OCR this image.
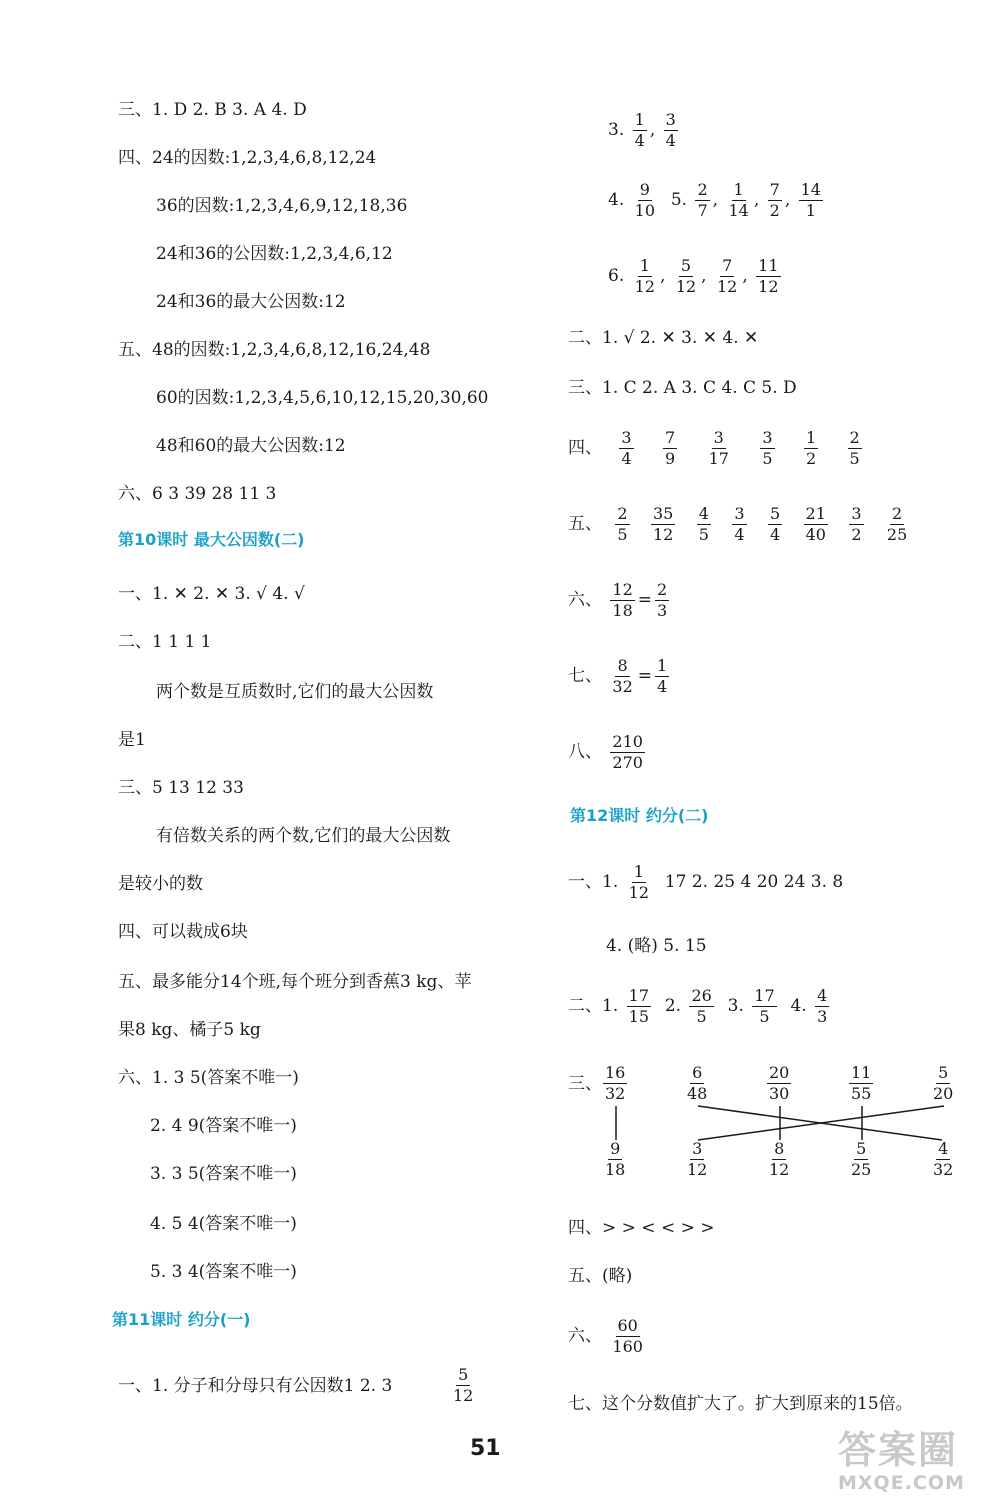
三、1. D 2. B 3. A 4. D
四、24的因数:1,2,3,4,6,8,12,24
36的因数:1,2,3,4,6,9,12,18,36
24和36的公因数:1,2,3,4,6,12
24和36的最大公因数:12
五、48的因数:1,2,3,4,6,8,12,16,24,48
60的因数:1,2,3,4,5,6,10,12,15,20,30,60
48和60的最大公因数:12
六、6 3 39 28 11 3
第10课时 最大公因数(二)
一、1. ✕ 2. ✕ 3. √ 4. √
二、1 1 1 1
两个数是互质数时,它们的最大公因数
是1
三、5 13 12 33
有倍数关系的两个数,它们的最大公因数
是较小的数
四、可以裁成6块
五、最多能分14个班,每个班分到香蕉3 kg、苹
果8 kg、橘子5 kg
六、1. 3 5(答案不唯一)
2. 4 9(答案不唯一)
3. 3 5(答案不唯一)
4. 5 4(答案不唯一)
5. 3 4(答案不唯一)
第11课时 约分(一)
一、1. 分子和分母只有公因数1 2. 3
5
12
3. $\frac{1}{4}$ , $\frac{3}{4}$
4. $\frac{9}{10} 5$. $\frac{2}{7}$ , $\frac{1}{14}$ , $\frac{7}{2}$ , $\frac{14}{1}$
6. $\frac{1}{12}$ , $\frac{5}{12}$ , $\frac{7}{12}$ , $\frac{11}{12}$
二、1. √ 2. ✕ 3. ✕ 4. ✕
三、1. C 2. A 3. C 4. C 5. D
四、 $\frac{3}{4}$
$\frac{7}{9}$
$\frac{3}{17}$
$\frac{3}{5}$
$\frac{1}{2}$
$\frac{2}{5}$
五、 $\frac{2}{5}$
$\frac{35}{12}$
$\frac{4}{5}$
$\frac{3}{4}$
$\frac{5}{4}$
$\frac{21}{40}$
$\frac{3}{2}$
$\frac{2}{25}$
六、 $\frac{12}{18} = \frac{2}{3}$
七、 $\frac{8}{32} = \frac{1}{4}$
八、 $\frac{210}{270}$
第12课时 约分(二)
一、1. $\frac{1}{12} 17$ 2. 25 4 20 24 3. 8
4. (略) 5. 15
二、1. $\frac{17}{15} 2$. $\frac{26}{5} 3$. $\frac{17}{5} 4$. $\frac{4}{3}$
三、
16
32
6
48
20
30
11
55
5
20
9
18
3
12
8
12
5
25
4
32
四、> > < < > >
五、(略)
六、 $\frac{60}{160}$
七、这个分数值扩大了。扩大到原来的15倍。
51	答案圈
MXQE.COM
